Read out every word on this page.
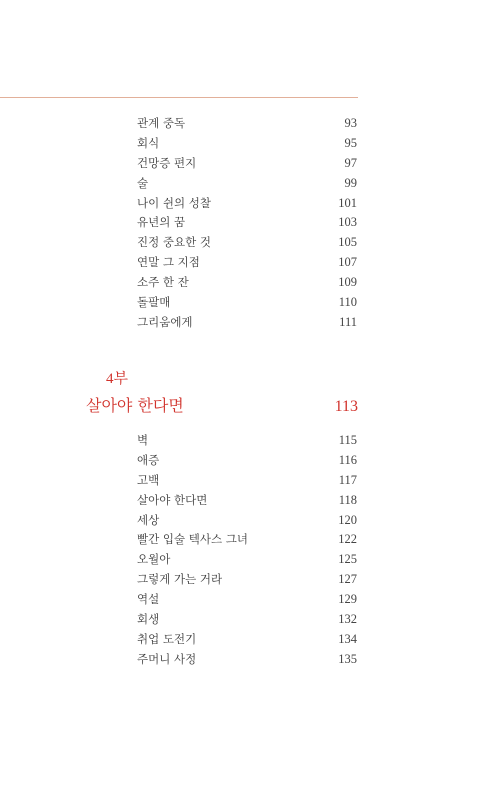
관계 중독	93
회식	95
건망증 편지	97
술	99
나이 쉰의 성찰	101
유년의 꿈	103
진정 중요한 것	105
연말 그 지점	107
소주 한 잔	109
돌팔매	110
그리움에게	111
4부
살아야 한다면	113
벽	115
애증	116
고백	117
살아야 한다면	118
세상	120
빨간 입술 텍사스 그녀	122
오월아	125
그렇게 가는 거라	127
역설	129
회생	132
취업 도전기	134
주머니 사정	135
